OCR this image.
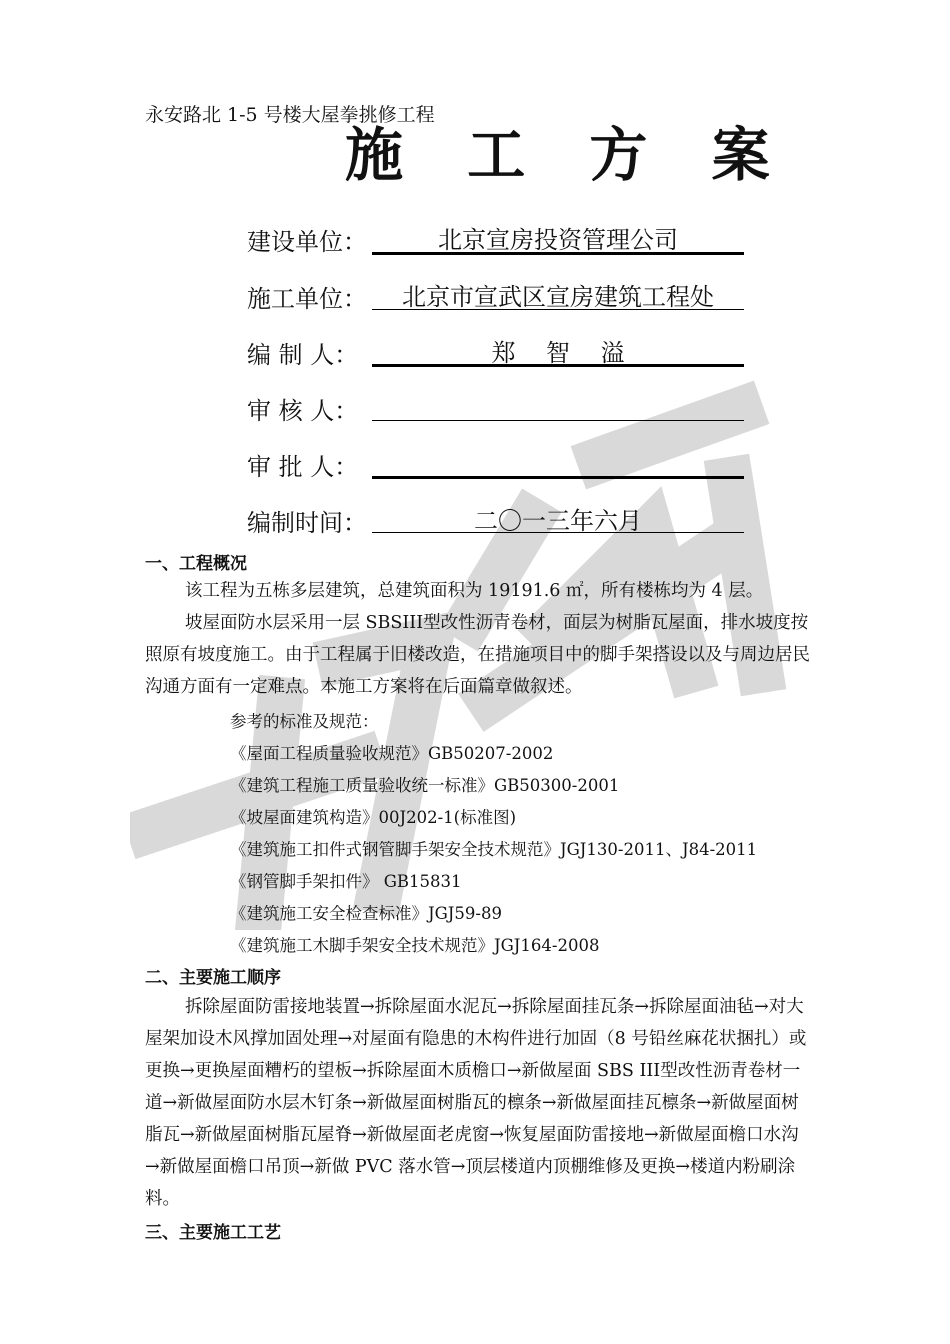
永安路北 1-5 号楼大屋拳挑修工程
施 工 方 案
建设单位：	北京宣房投资管理公司
施工单位：	北京市宣武区宣房建筑工程处
编 制 人：	郑    智    溢
审 核 人：
审 批 人：
编制时间：	二〇一三年六月
一、工程概况
该工程为五栋多层建筑，总建筑面积为 19191.6 ㎡，所有楼栋均为 4 层。
坡屋面防水层采用一层 SBSIII型改性沥青卷材，面层为树脂瓦屋面，排水坡度按照原有坡度施工。由于工程属于旧楼改造，在措施项目中的脚手架搭设以及与周边居民沟通方面有一定难点。本施工方案将在后面篇章做叙述。
参考的标准及规范：
《屋面工程质量验收规范》GB50207-2002
《建筑工程施工质量验收统一标准》GB50300-2001
《坡屋面建筑构造》00J202-1(标准图)
《建筑施工扣件式钢管脚手架安全技术规范》JGJ130-2011、J84-2011
《钢管脚手架扣件》 GB15831
《建筑施工安全检查标准》JGJ59-89
《建筑施工木脚手架安全技术规范》JGJ164-2008
二、主要施工顺序
拆除屋面防雷接地装置→拆除屋面水泥瓦→拆除屋面挂瓦条→拆除屋面油毡→对大屋架加设木风撑加固处理→对屋面有隐患的木构件进行加固（8 号铅丝麻花状捆扎）或更换→更换屋面糟朽的望板→拆除屋面木质檐口→新做屋面 SBS III型改性沥青卷材一道→新做屋面防水层木钉条→新做屋面树脂瓦的檩条→新做屋面挂瓦檩条→新做屋面树脂瓦→新做屋面树脂瓦屋脊→新做屋面老虎窗→恢复屋面防雷接地→新做屋面檐口水沟→新做屋面檐口吊顶→新做 PVC 落水管→顶层楼道内顶棚维修及更换→楼道内粉刷涂料。
三、主要施工工艺
